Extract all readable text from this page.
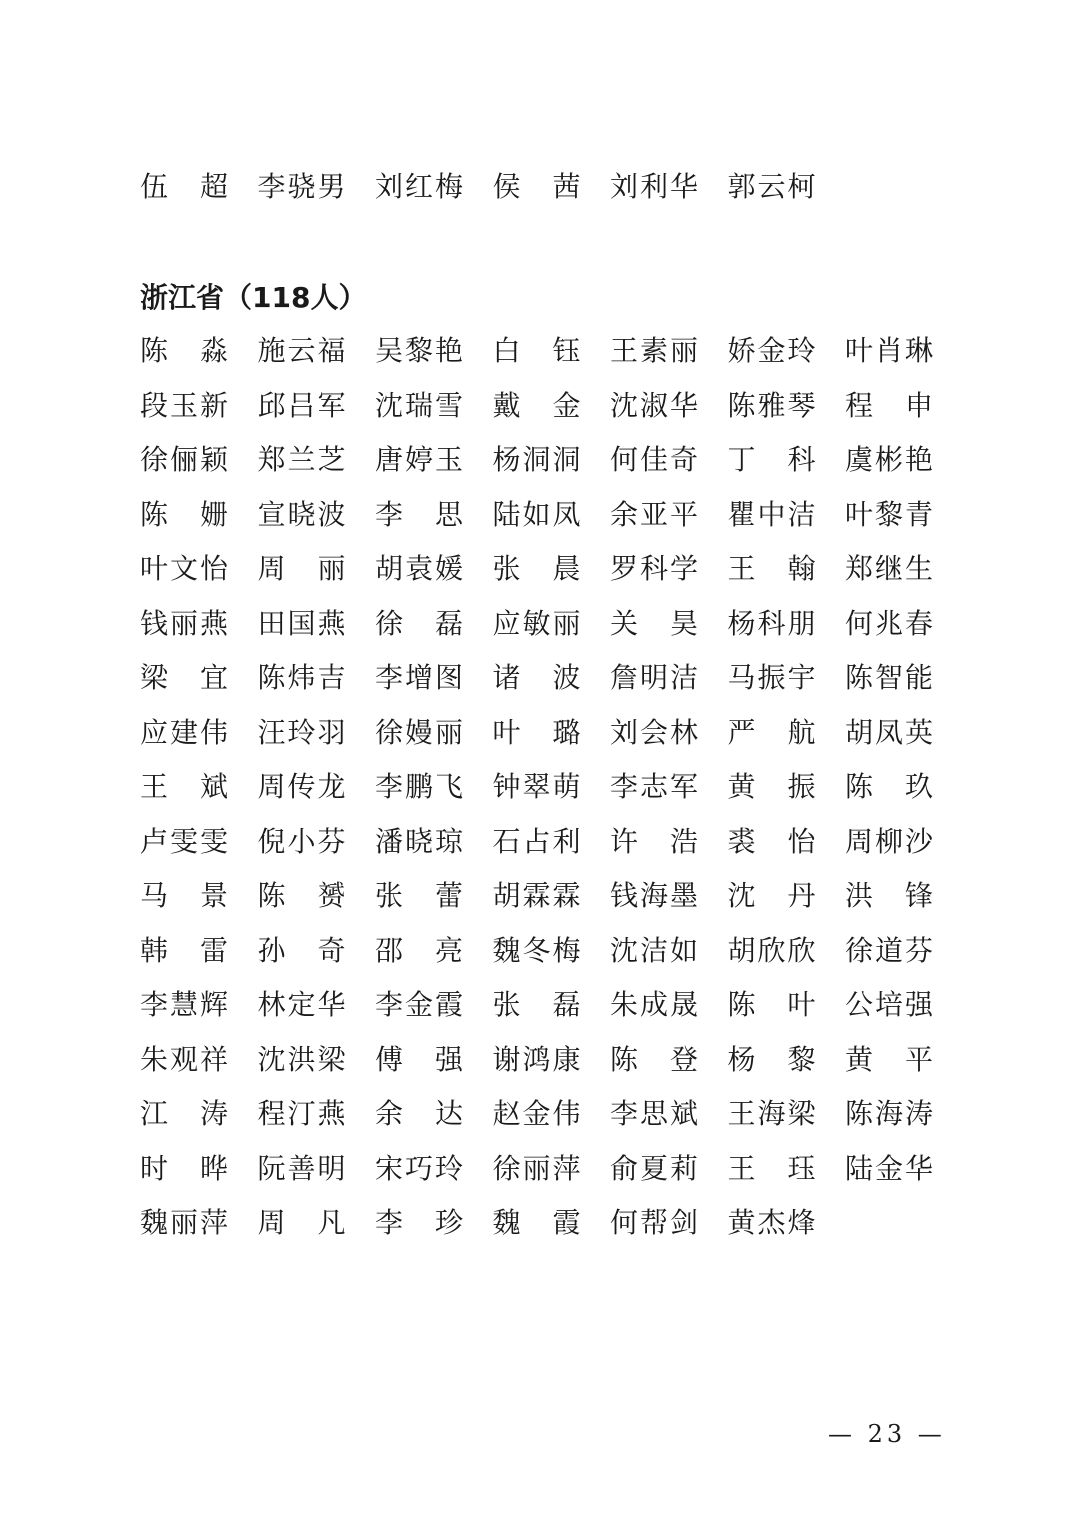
伍　超 李骁男 刘红梅 侯　茜 刘利华 郭云柯
浙江省（118人）
陈　淼 施云福 吴黎艳 白　钰 王素丽 娇金玲 叶肖琳
段玉新 邱吕军 沈瑞雪 戴　金 沈淑华 陈雅琴 程　申
徐俪颖 郑兰芝 唐婷玉 杨洞洞 何佳奇 丁　科 虞彬艳
陈　姗 宣晓波 李　思 陆如凤 余亚平 瞿中洁 叶黎青
叶文怡 周　丽 胡袁媛 张　晨 罗科学 王　翰 郑继生
钱丽燕 田国燕 徐　磊 应敏丽 关　昊 杨科朋 何兆春
梁　宜 陈炜吉 李增图 诸　波 詹明洁 马振宇 陈智能
应建伟 汪玲羽 徐嫚丽 叶　璐 刘会林 严　航 胡凤英
王　斌 周传龙 李鹏飞 钟翠萌 李志军 黄　振 陈　玖
卢雯雯 倪小芬 潘晓琼 石占利 许　浩 裘　怡 周柳沙
马　景 陈　赟 张　蕾 胡霖霖 钱海墨 沈　丹 洪　锋
韩　雷 孙　奇 邵　亮 魏冬梅 沈洁如 胡欣欣 徐道芬
李慧辉 林定华 李金霞 张　磊 朱成晟 陈　叶 公培强
朱观祥 沈洪梁 傅　强 谢鸿康 陈　登 杨　黎 黄　平
江　涛 程汀燕 余　达 赵金伟 李思斌 王海梁 陈海涛
时　晔 阮善明 宋巧玲 徐丽萍 俞夏莉 王　珏 陆金华
魏丽萍 周　凡 李　珍 魏　霞 何帮剑 黄杰烽
— 23 —
